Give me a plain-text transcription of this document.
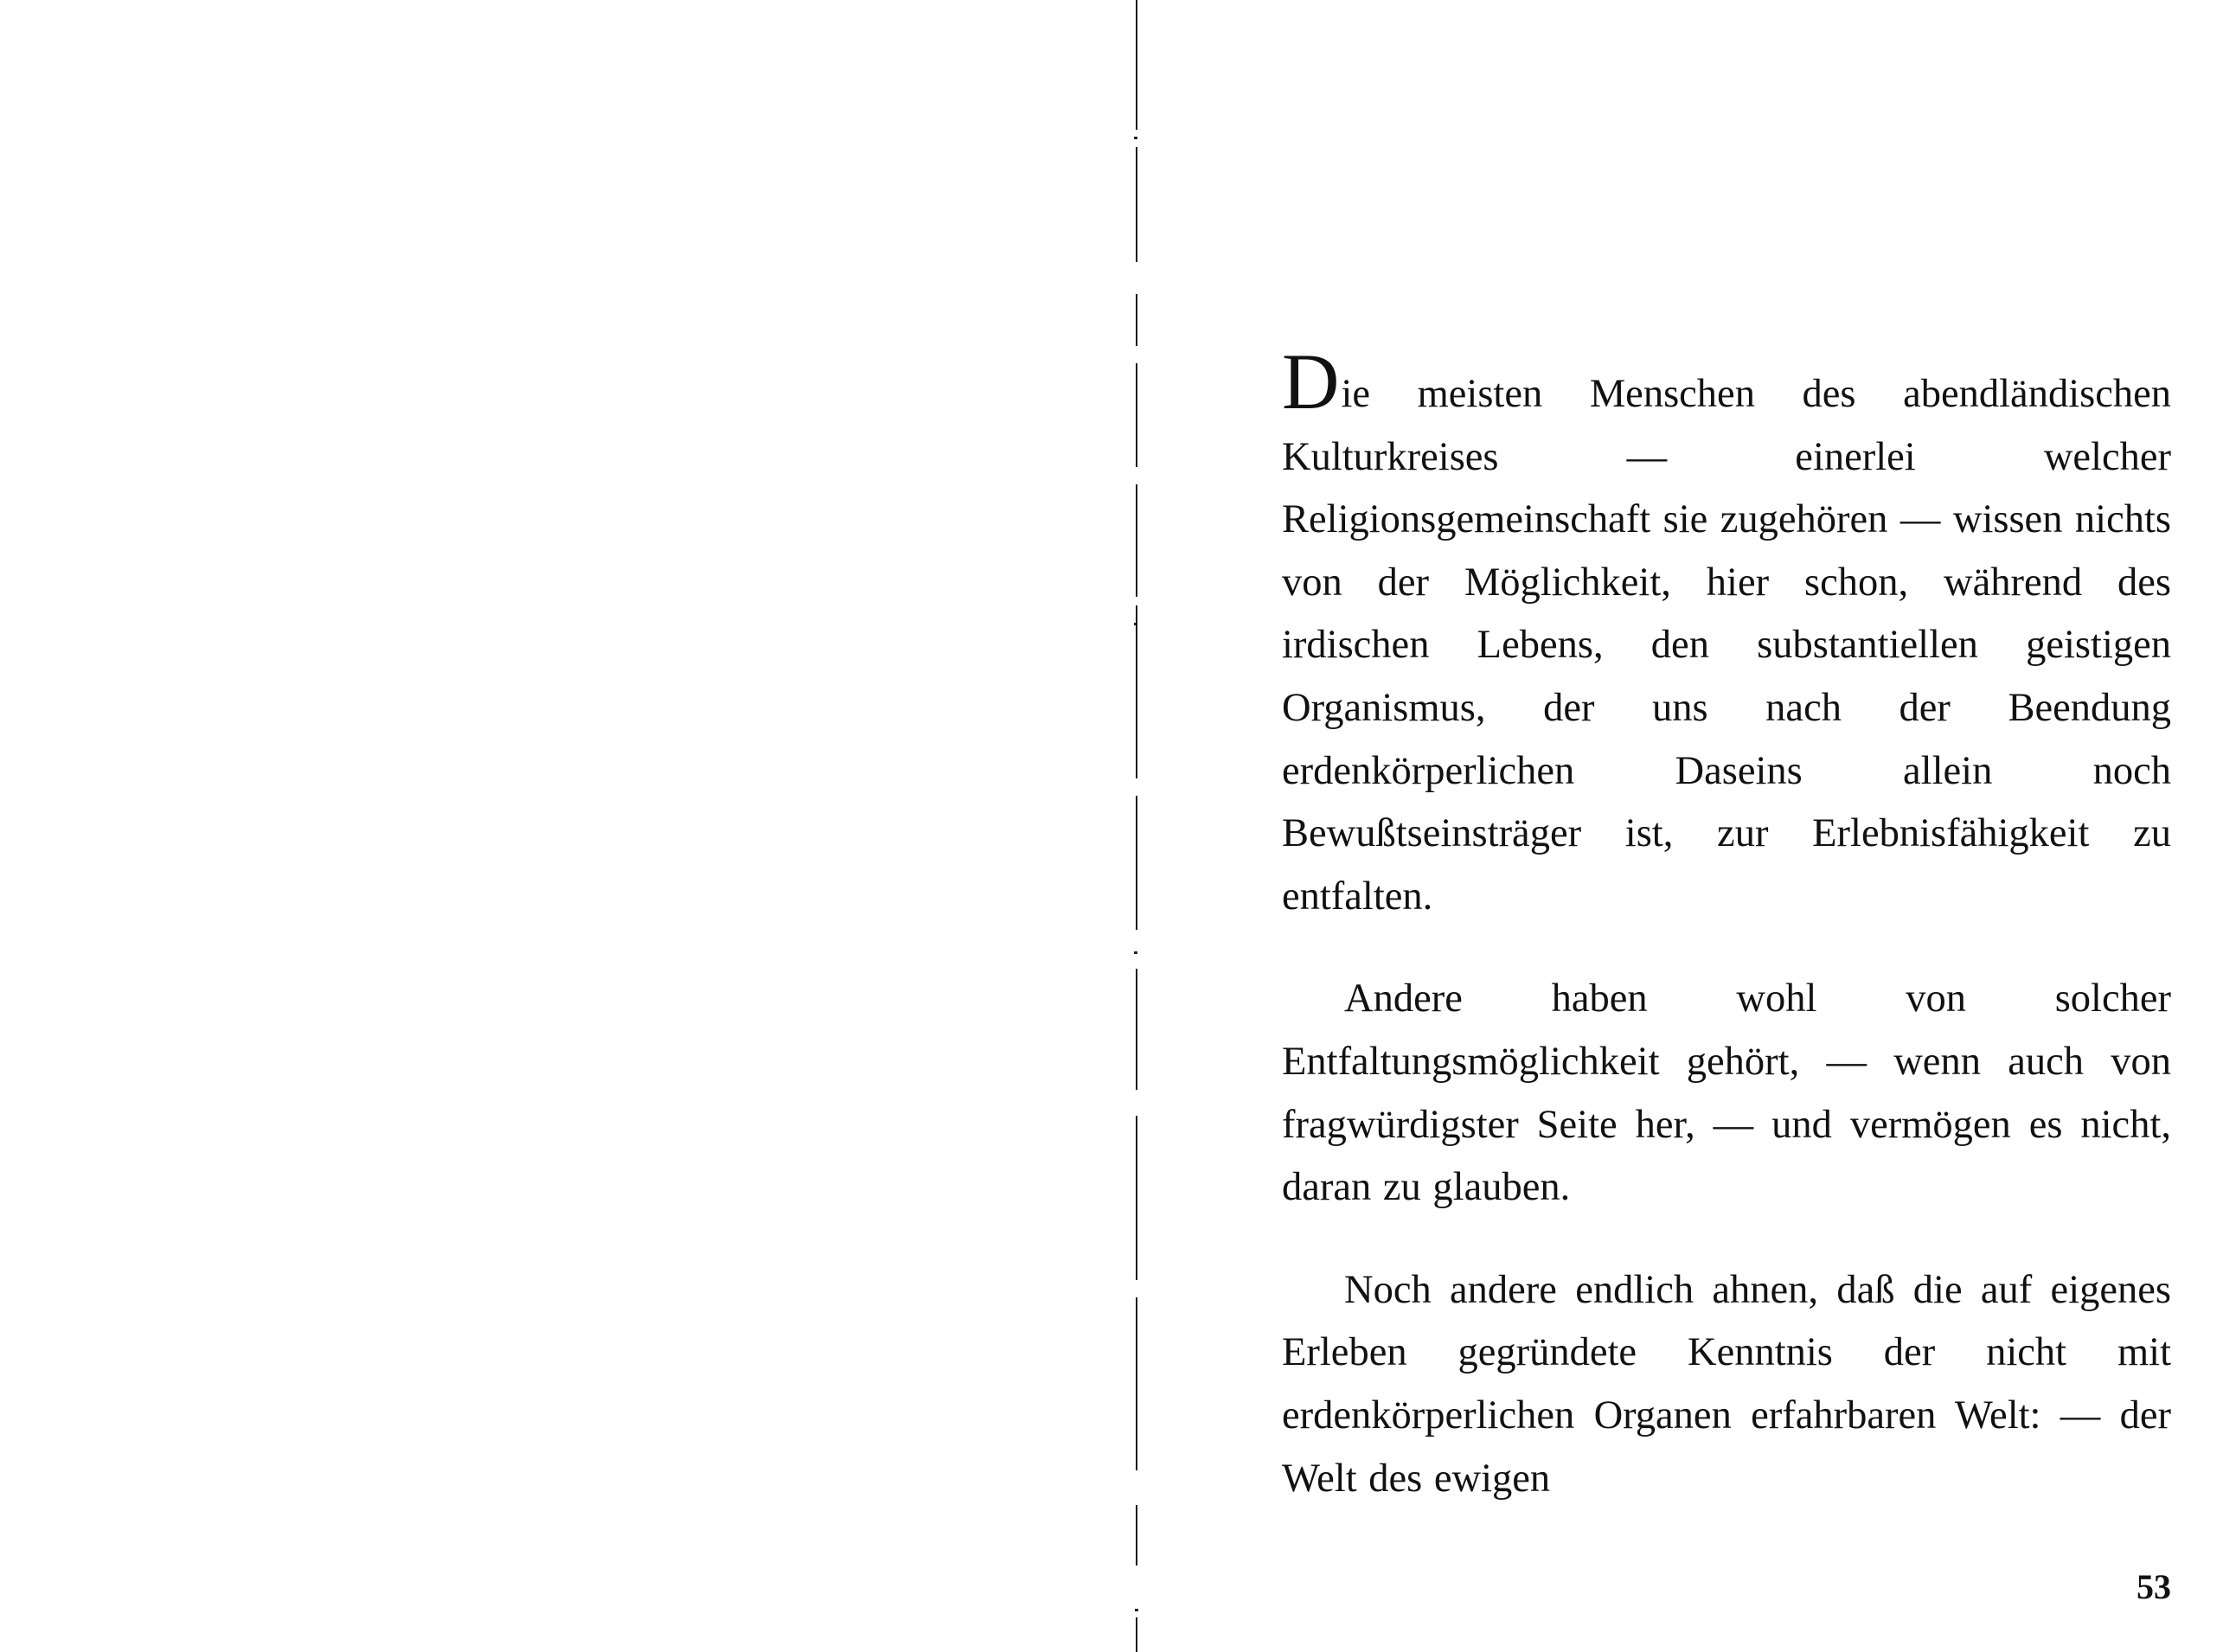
Die meisten Menschen des abendländischen Kulturkreises — einerlei welcher Religionsgemeinschaft sie zugehören — wissen nichts von der Möglichkeit, hier schon, während des irdischen Lebens, den substantiellen geistigen Organismus, der uns nach der Beendung erdenkörperlichen Daseins allein noch Bewußtseinsträger ist, zur Erlebnisfähigkeit zu entfalten.

Andere haben wohl von solcher Entfaltungsmöglichkeit gehört, — wenn auch von fragwürdigster Seite her, — und vermögen es nicht, daran zu glauben.

Noch andere endlich ahnen, daß die auf eigenes Erleben gegründete Kenntnis der nicht mit erdenkörperlichen Organen erfahrbaren Welt: — der Welt des ewigen

53
